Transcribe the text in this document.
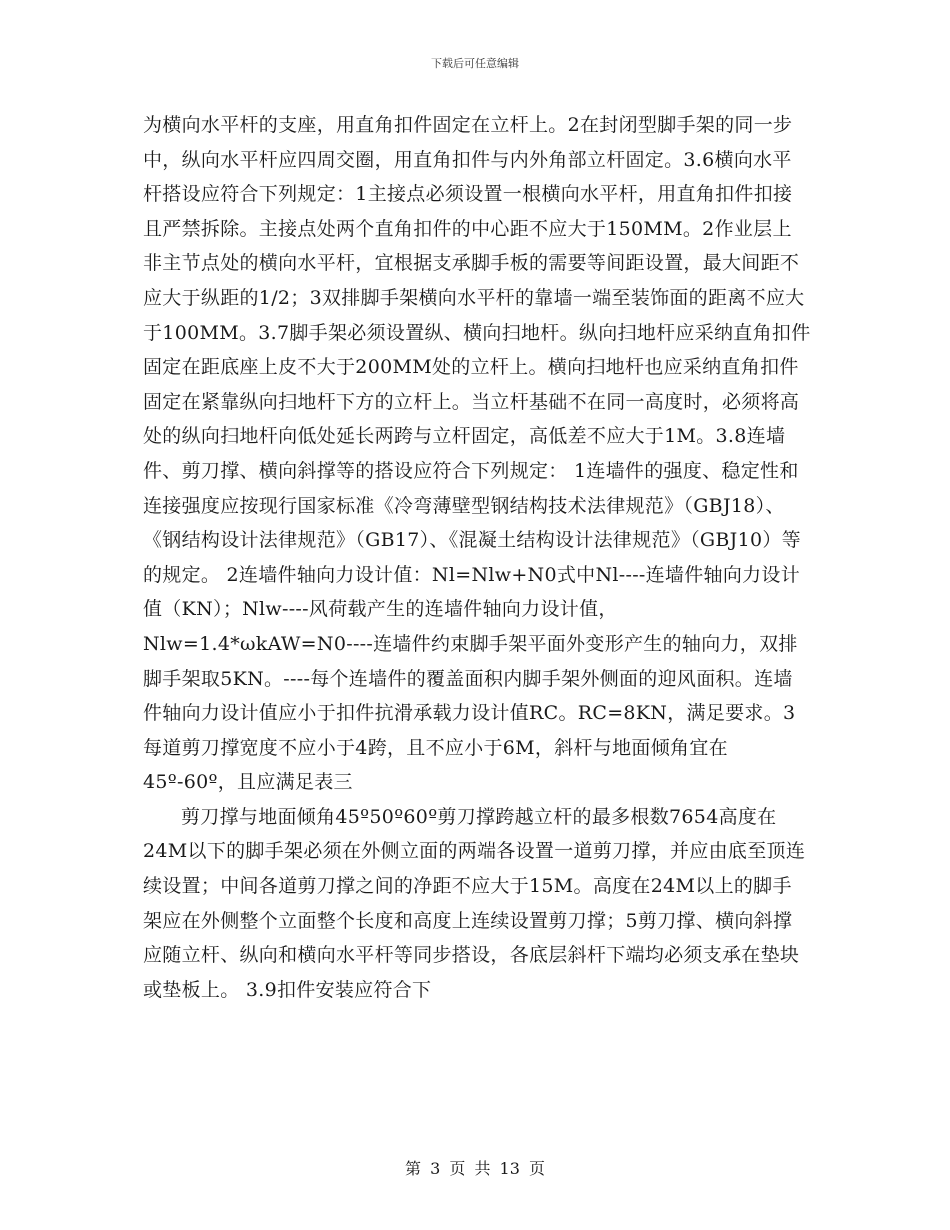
下载后可任意编辑

为横向水平杆的支座，用直角扣件固定在立杆上。2在封闭型脚手架的同一步中，纵向水平杆应四周交圈，用直角扣件与内外角部立杆固定。3.6横向水平杆搭设应符合下列规定：1主接点必须设置一根横向水平杆，用直角扣件扣接且严禁拆除。主接点处两个直角扣件的中心距不应大于150MM。2作业层上非主节点处的横向水平杆，宜根据支承脚手板的需要等间距设置，最大间距不应大于纵距的1/2；3双排脚手架横向水平杆的靠墙一端至装饰面的距离不应大于100MM。3.7脚手架必须设置纵、横向扫地杆。纵向扫地杆应采纳直角扣件固定在距底座上皮不大于200MM处的立杆上。横向扫地杆也应采纳直角扣件固定在紧靠纵向扫地杆下方的立杆上。当立杆基础不在同一高度时，必须将高处的纵向扫地杆向低处延长两跨与立杆固定，高低差不应大于1M。3.8连墙件、剪刀撑、横向斜撑等的搭设应符合下列规定： 1连墙件的强度、稳定性和连接强度应按现行国家标准《冷弯薄壁型钢结构技术法律规范》（GBJ18）、《钢结构设计法律规范》（GB17）、《混凝土结构设计法律规范》（GBJ10）等的规定。 2连墙件轴向力设计值：Nl=Nlw+N0式中Nl----连墙件轴向力设计值（KN）；Nlw----风荷载产生的连墙件轴向力设计值，Nlw=1.4*ωkAW=N0----连墙件约束脚手架平面外变形产生的轴向力，双排脚手架取5KN。----每个连墙件的覆盖面积内脚手架外侧面的迎风面积。连墙件轴向力设计值应小于扣件抗滑承载力设计值RC。RC=8KN，满足要求。3每道剪刀撑宽度不应小于4跨，且不应小于6M，斜杆与地面倾角宜在45º-60º，且应满足表三

剪刀撑与地面倾角45º50º60º剪刀撑跨越立杆的最多根数7654高度在24M以下的脚手架必须在外侧立面的两端各设置一道剪刀撑，并应由底至顶连续设置；中间各道剪刀撑之间的净距不应大于15M。高度在24M以上的脚手架应在外侧整个立面整个长度和高度上连续设置剪刀撑；5剪刀撑、横向斜撑应随立杆、纵向和横向水平杆等同步搭设，各底层斜杆下端均必须支承在垫块或垫板上。 3.9扣件安装应符合下

第 3 页 共 13 页
